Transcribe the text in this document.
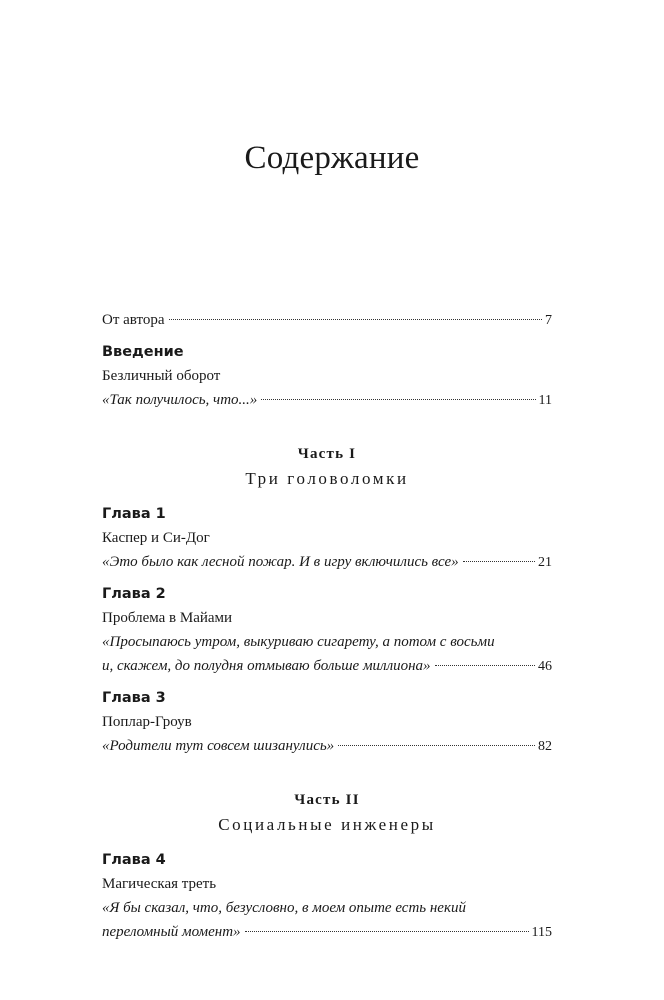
Содержание
От автора	7
Введение
Безличный оборот
«Так получилось, что...»	11
Часть I
Три головоломки
Глава 1
Каспер и Си-Дог
«Это было как лесной пожар. И в игру включились все»	21
Глава 2
Проблема в Майами
«Просыпаюсь утром, выкуриваю сигарету, а потом с восьми
и, скажем, до полудня отмываю больше миллиона»	46
Глава 3
Поплар-Гроув
«Родители тут совсем шизанулись»	82
Часть II
Социальные инженеры
Глава 4
Магическая треть
«Я бы сказал, что, безусловно, в моем опыте есть некий
переломный момент»	115
